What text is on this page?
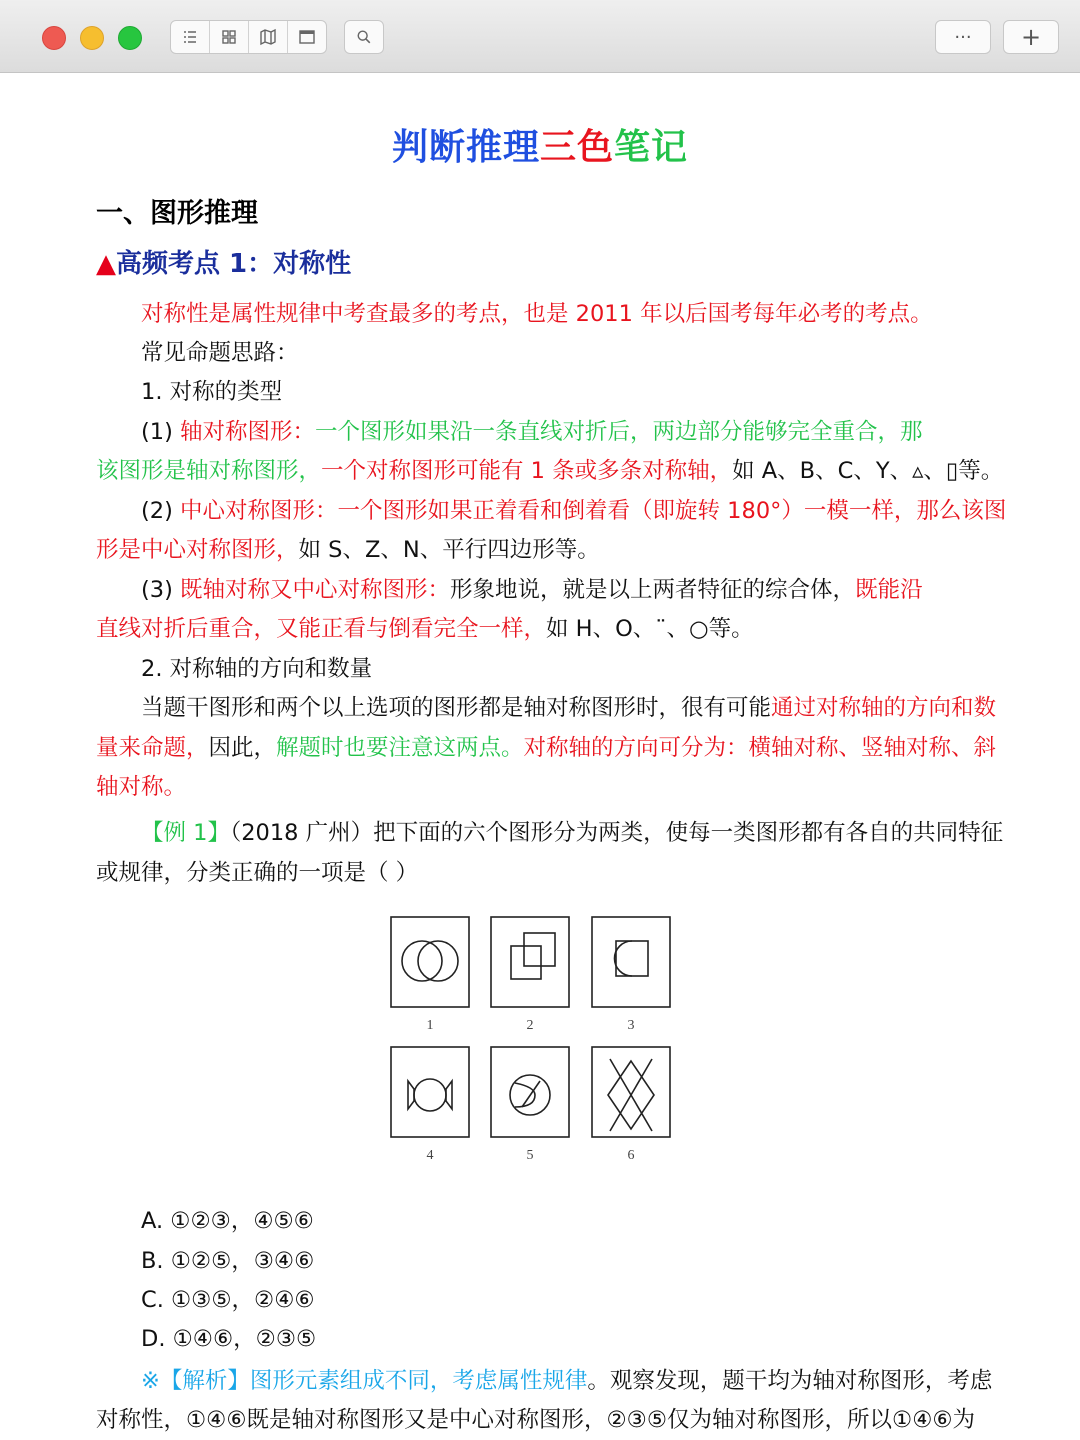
···	+
判断推理三色笔记
一、图形推理
▲高频考点 1：对称性
对称性是属性规律中考查最多的考点，也是 2011 年以后国考每年必考的考点。
常见命题思路：
1. 对称的类型
(1) 轴对称图形：一个图形如果沿一条直线对折后，两边部分能够完全重合，那
该图形是轴对称图形，一个对称图形可能有 1 条或多条对称轴，如 A、B、C、Y、▵、▯等。
(2) 中心对称图形：一个图形如果正着看和倒着看（即旋转 180°）一模一样，那么该图
形是中心对称图形，如 S、Z、N、平行四边形等。
(3) 既轴对称又中心对称图形：形象地说，就是以上两者特征的综合体，既能沿
直线对折后重合，又能正看与倒看完全一样，如 H、O、¨、○等。
2. 对称轴的方向和数量
当题干图形和两个以上选项的图形都是轴对称图形时，很有可能通过对称轴的方向和数
量来命题，因此，解题时也要注意这两点。对称轴的方向可分为：横轴对称、竖轴对称、斜
轴对称。
【例 1】（2018 广州）把下面的六个图形分为两类，使每一类图形都有各自的共同特征
或规律，分类正确的一项是（ ）
1	2	3
4	5	6
A. ①②③，④⑤⑥
B. ①②⑤，③④⑥
C. ①③⑤，②④⑥
D. ①④⑥，②③⑤
※【解析】图形元素组成不同，考虑属性规律。观察发现，题干均为轴对称图形，考虑
对称性，①④⑥既是轴对称图形又是中心对称图形，②③⑤仅为轴对称图形，所以①④⑥为
